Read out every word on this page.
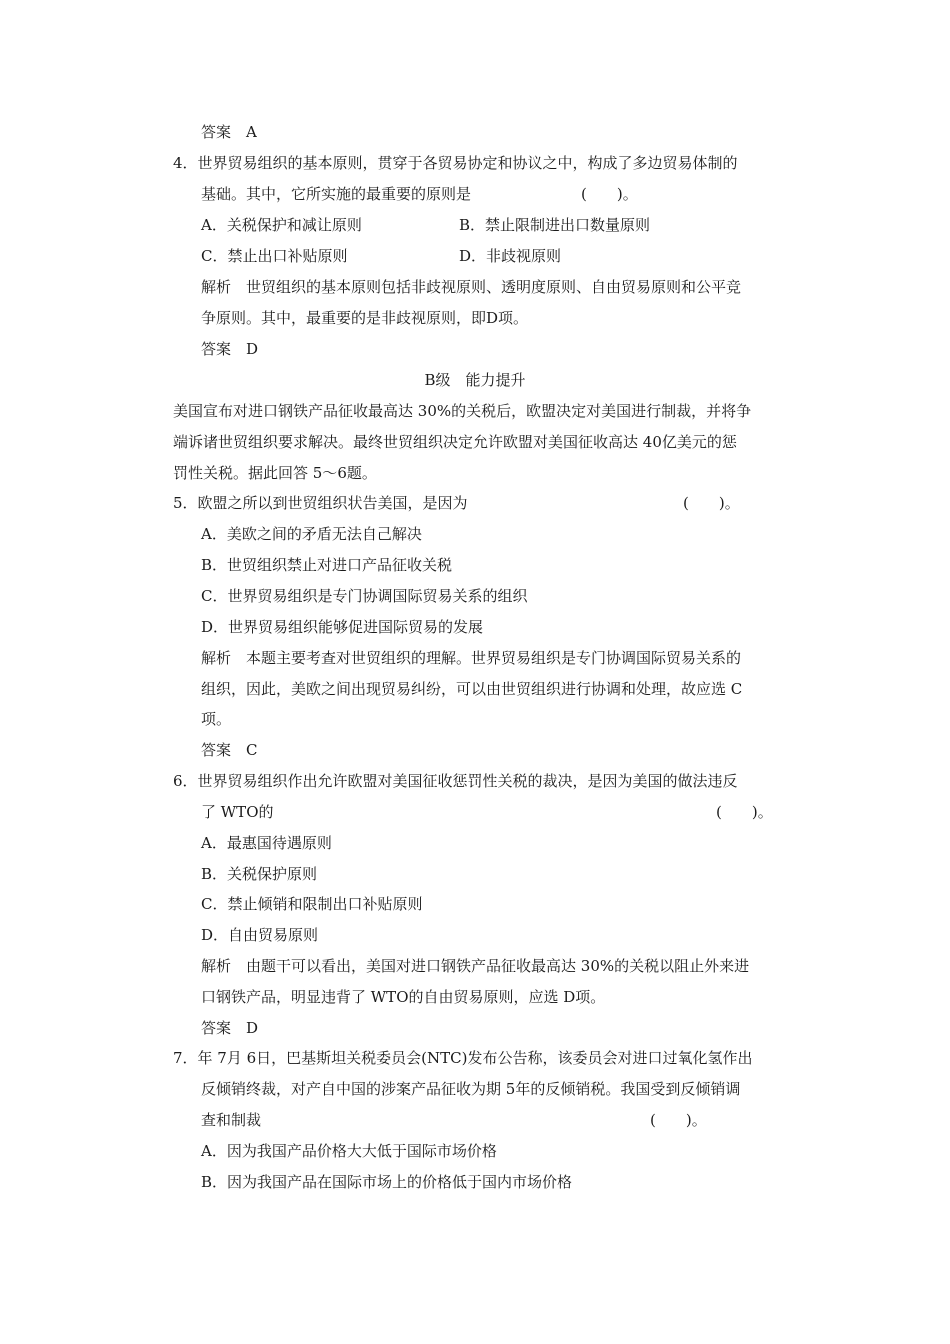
答案　A
4．世界贸易组织的基本原则，贯穿于各贸易协定和协议之中，构成了多边贸易体制的
基础。其中，它所实施的最重要的原则是	(　　)。
A．关税保护和减让原则	B．禁止限制进出口数量原则
C．禁止出口补贴原则	D．非歧视原则
解析　世贸组织的基本原则包括非歧视原则、透明度原则、自由贸易原则和公平竞
争原则。其中，最重要的是非歧视原则，即D项。
答案　D
B级　能力提升
美国宣布对进口钢铁产品征收最高达 30%的关税后，欧盟决定对美国进行制裁，并将争
端诉诸世贸组织要求解决。最终世贸组织决定允许欧盟对美国征收高达 40亿美元的惩
罚性关税。据此回答 5～6题。
5．欧盟之所以到世贸组织状告美国，是因为	(　　)。
A．美欧之间的矛盾无法自己解决
B．世贸组织禁止对进口产品征收关税
C．世界贸易组织是专门协调国际贸易关系的组织
D．世界贸易组织能够促进国际贸易的发展
解析　本题主要考查对世贸组织的理解。世界贸易组织是专门协调国际贸易关系的
组织，因此，美欧之间出现贸易纠纷，可以由世贸组织进行协调和处理，故应选 C
项。
答案　C
6．世界贸易组织作出允许欧盟对美国征收惩罚性关税的裁决，是因为美国的做法违反
了 WTO的	(　　)。
A．最惠国待遇原则
B．关税保护原则
C．禁止倾销和限制出口补贴原则
D．自由贸易原则
解析　由题干可以看出，美国对进口钢铁产品征收最高达 30%的关税以阻止外来进
口钢铁产品，明显违背了 WTO的自由贸易原则，应选 D项。
答案　D
7．年 7月 6日，巴基斯坦关税委员会(NTC)发布公告称，该委员会对进口过氧化氢作出
反倾销终裁，对产自中国的涉案产品征收为期 5年的反倾销税。我国受到反倾销调
查和制裁	(　　)。
A．因为我国产品价格大大低于国际市场价格
B．因为我国产品在国际市场上的价格低于国内市场价格
